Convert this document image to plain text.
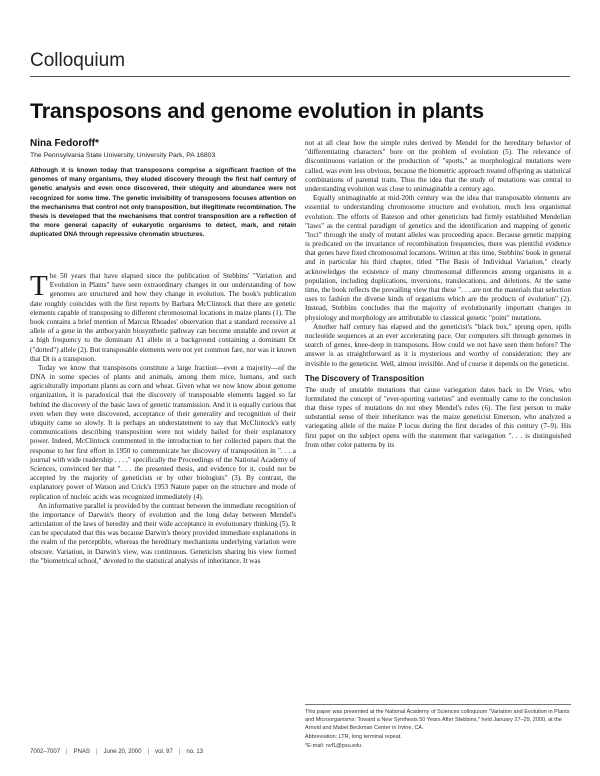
Colloquium
Transposons and genome evolution in plants
Nina Fedoroff*
The Pennsylvania State University, University Park, PA 16803
Although it is known today that transposons comprise a significant fraction of the genomes of many organisms, they eluded discovery through the first half century of genetic analysis and even once discovered, their ubiquity and abundance were not recognized for some time. The genetic invisibility of transposons focuses attention on the mechanisms that control not only transposition, but illegitimate recombination. The thesis is developed that the mechanisms that control transposition are a reflection of the more general capacity of eukaryotic organisms to detect, mark, and retain duplicated DNA through repressive chromatin structures.

The 50 years that have elapsed since the publication of Stebbins' "Variation and Evolution in Plants" have seen extraordinary changes in our understanding of how genomes are structured and how they change in evolution. The book's publication date roughly coincides with the first reports by Barbara McClintock that there are genetic elements capable of transposing to different chromosomal locations in maize plants (1). The book contains a brief mention of Marcus Rhoades' observation that a standard recessive a1 allele of a gene in the anthocyanin biosynthetic pathway can become unstable and revert at a high frequency to the dominant A1 allele in a background containing a dominant Dt ("dotted") allele (2). But transposable elements were not yet common fare, nor was it known that Dt is a transposon.

Today we know that transposons constitute a large fraction—even a majority—of the DNA in some species of plants and animals, among them mice, humans, and such agriculturally important plants as corn and wheat. Given what we now know about genome organization, it is paradoxical that the discovery of transposable elements lagged so far behind the discovery of the basic laws of genetic transmission. And it is equally curious that even when they were discovered, acceptance of their generality and recognition of their ubiquity came so slowly. It is perhaps an understatement to say that McClintock's early communications describing transposition were not widely hailed for their explanatory power. Indeed, McClintock commented in the introduction to her collected papers that the response to her first effort in 1950 to communicate her discovery of transposition in ". . . a journal with wide readership . . . ," specifically the Proceedings of the National Academy of Sciences, convinced her that ". . . the presented thesis, and evidence for it, could not be accepted by the majority of geneticists or by other biologists" (3). By contrast, the explanatory power of Watson and Crick's 1953 Nature paper on the structure and mode of replication of nucleic acids was recognized immediately (4).

An informative parallel is provided by the contrast between the immediate recognition of the importance of Darwin's theory of evolution and the long delay between Mendel's articulation of the laws of heredity and their wide acceptance in evolutionary thinking (5). It can be speculated that this was because Darwin's theory provided immediate explanations in the realm of the perceptible, whereas the hereditary mechanisms underlying variation were obscure. Variation, in Darwin's view, was continuous. Geneticists sharing his view formed the "biometrical school," devoted to the statistical analysis of inheritance. It was

not at all clear how the simple rules derived by Mendel for the hereditary behavior of "differentiating characters" bore on the problem of evolution (5). The relevance of discontinuous variation or the production of "sports," as morphological mutations were called, was even less obvious, because the biometric approach treated offspring as statistical combinations of parental traits. Thus the idea that the study of mutations was central to understanding evolution was close to unimaginable a century ago.

Equally unimaginable at mid-20th century was the idea that transposable elements are essential to understanding chromosome structure and evolution, much less organismal evolution. The efforts of Bateson and other geneticists had firmly established Mendelian "laws" as the central paradigm of genetics and the identification and mapping of genetic "loci" through the study of mutant alleles was proceeding apace. Because genetic mapping is predicated on the invariance of recombination frequencies, there was plentiful evidence that genes have fixed chromosomal locations. Written at this time, Stebbins' book in general and in particular his third chapter, titled "The Basis of Individual Variation," clearly acknowledges the existence of many chromosomal differences among organisms in a population, including duplications, inversions, translocations, and deletions. At the same time, the book reflects the prevailing view that these ". . . are not the materials that selection uses to fashion the diverse kinds of organisms which are the products of evolution" (2). Instead, Stebbins concludes that the majority of evolutionarily important changes in physiology and morphology are attributable to classical genetic "point" mutations.

Another half century has elapsed and the geneticist's "black box," sprung open, spills nucleotide sequences at an ever accelerating pace. Our computers sift through genomes in search of genes, knee-deep in transposons. How could we not have seen them before? The answer is as straightforward as it is mysterious and worthy of consideration: they are invisible to the geneticist. Well, almost invisible. And of course it depends on the geneticist.

The Discovery of Transposition

The study of unstable mutations that cause variegation dates back to De Vries, who formulated the concept of "ever-sporting varieties" and eventually came to the conclusion that these types of mutations do not obey Mendel's rules (6). The first person to make substantial sense of their inheritance was the maize geneticist Emerson, who analyzed a variegating allele of the maize P locus during the first decades of this century (7–9). His first paper on the subject opens with the statement that variegation ". . . is distinguished from other color patterns by its

This paper was presented at the National Academy of Sciences colloquium "Variation and Evolution in Plants and Microorganisms: Toward a New Synthesis 50 Years After Stebbins," held January 27–29, 2000, at the Arnold and Mabel Beckman Center in Irvine, CA.
Abbreviation: LTR, long terminal repeat.
*E-mail: nvf1@psu.edu.
7002–7007 | PNAS | June 20, 2000 | vol. 97 | no. 13
